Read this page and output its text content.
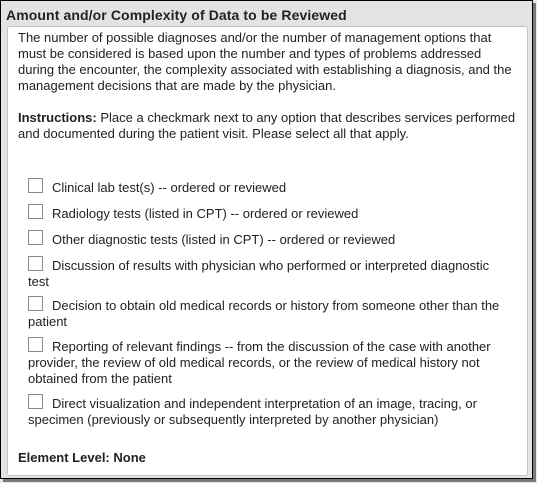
Amount and/or Complexity of Data to be Reviewed

The number of possible diagnoses and/or the number of management options that must be considered is based upon the number and types of problems addressed during the encounter, the complexity associated with establishing a diagnosis, and the management decisions that are made by the physician.

Instructions: Place a checkmark next to any option that describes services performed and documented during the patient visit. Please select all that apply.

Clinical lab test(s) -- ordered or reviewed
Radiology tests (listed in CPT) -- ordered or reviewed
Other diagnostic tests (listed in CPT) -- ordered or reviewed
Discussion of results with physician who performed or interpreted diagnostic test
Decision to obtain old medical records or history from someone other than the patient
Reporting of relevant findings -- from the discussion of the case with another provider, the review of old medical records, or the review of medical history not obtained from the patient
Direct visualization and independent interpretation of an image, tracing, or specimen (previously or subsequently interpreted by another physician)
Element Level: None
